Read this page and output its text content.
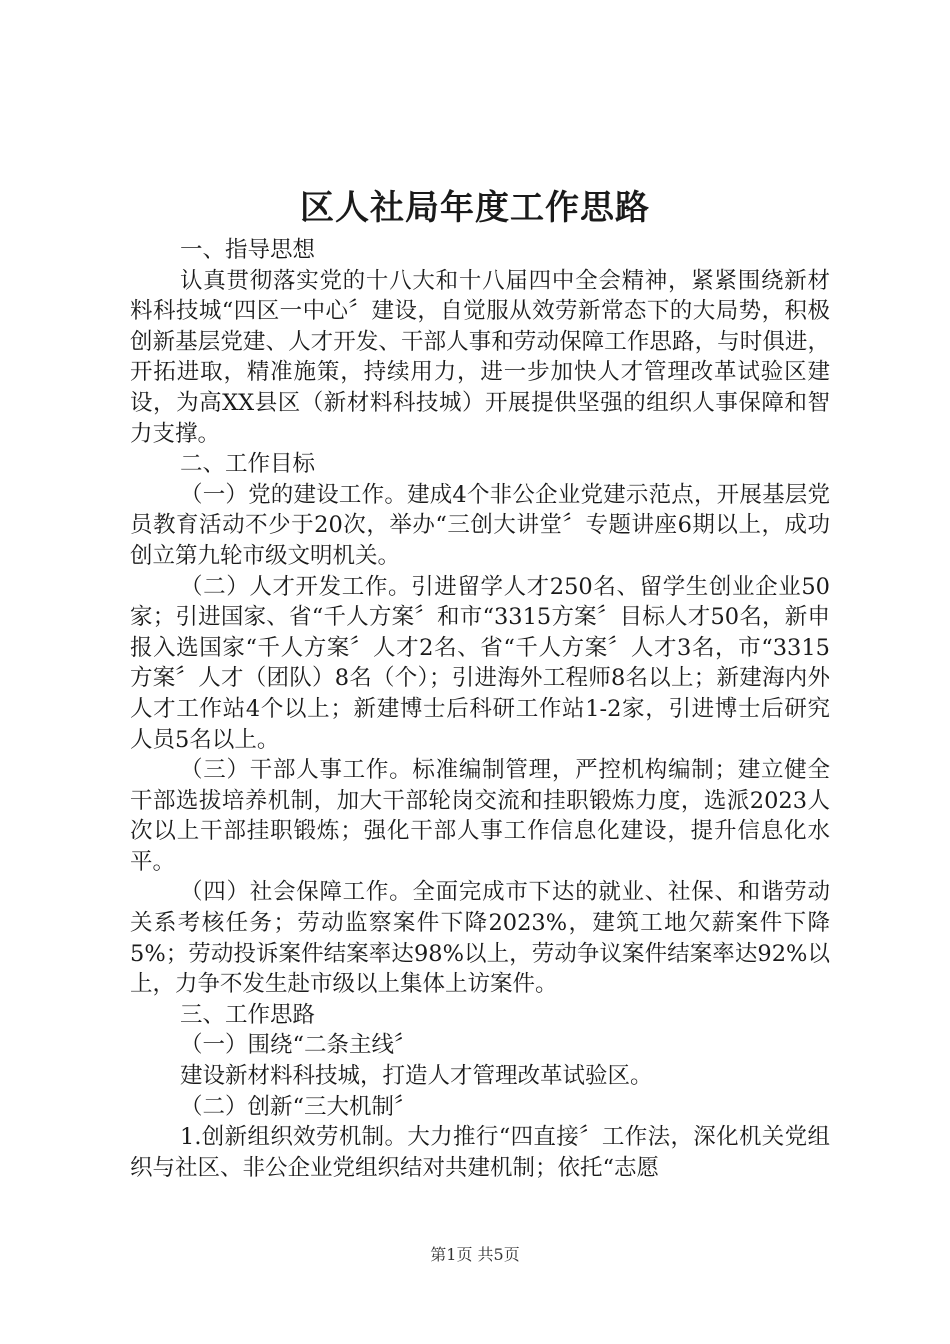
区人社局年度工作思路

一、指导思想

认真贯彻落实党的十八大和十八届四中全会精神，紧紧围绕新材料科技城“四区一中心〞建设，自觉服从效劳新常态下的大局势，积极创新基层党建、人才开发、干部人事和劳动保障工作思路，与时俱进，开拓进取，精准施策，持续用力，进一步加快人才管理改革试验区建设，为高XX县区（新材料科技城）开展提供坚强的组织人事保障和智力支撑。

二、工作目标

（一）党的建设工作。建成4个非公企业党建示范点，开展基层党员教育活动不少于20次，举办“三创大讲堂〞专题讲座6期以上，成功创立第九轮市级文明机关。

（二）人才开发工作。引进留学人才250名、留学生创业企业50家；引进国家、省“千人方案〞和市“3315方案〞目标人才50名，新申报入选国家“千人方案〞人才2名、省“千人方案〞人才3名，市“3315方案〞人才（团队）8名（个）；引进海外工程师8名以上；新建海内外人才工作站4个以上；新建博士后科研工作站1-2家，引进博士后研究人员5名以上。

（三）干部人事工作。标准编制管理，严控机构编制；建立健全干部选拔培养机制，加大干部轮岗交流和挂职锻炼力度，选派2023人次以上干部挂职锻炼；强化干部人事工作信息化建设，提升信息化水平。

（四）社会保障工作。全面完成市下达的就业、社保、和谐劳动关系考核任务；劳动监察案件下降2023%，建筑工地欠薪案件下降5%；劳动投诉案件结案率达98%以上，劳动争议案件结案率达92%以上，力争不发生赴市级以上集体上访案件。

三、工作思路

（一）围绕“二条主线〞

建设新材料科技城，打造人才管理改革试验区。

（二）创新“三大机制〞

1.创新组织效劳机制。大力推行“四直接〞工作法，深化机关党组织与社区、非公企业党组织结对共建机制；依托“志愿

第1页 共5页
